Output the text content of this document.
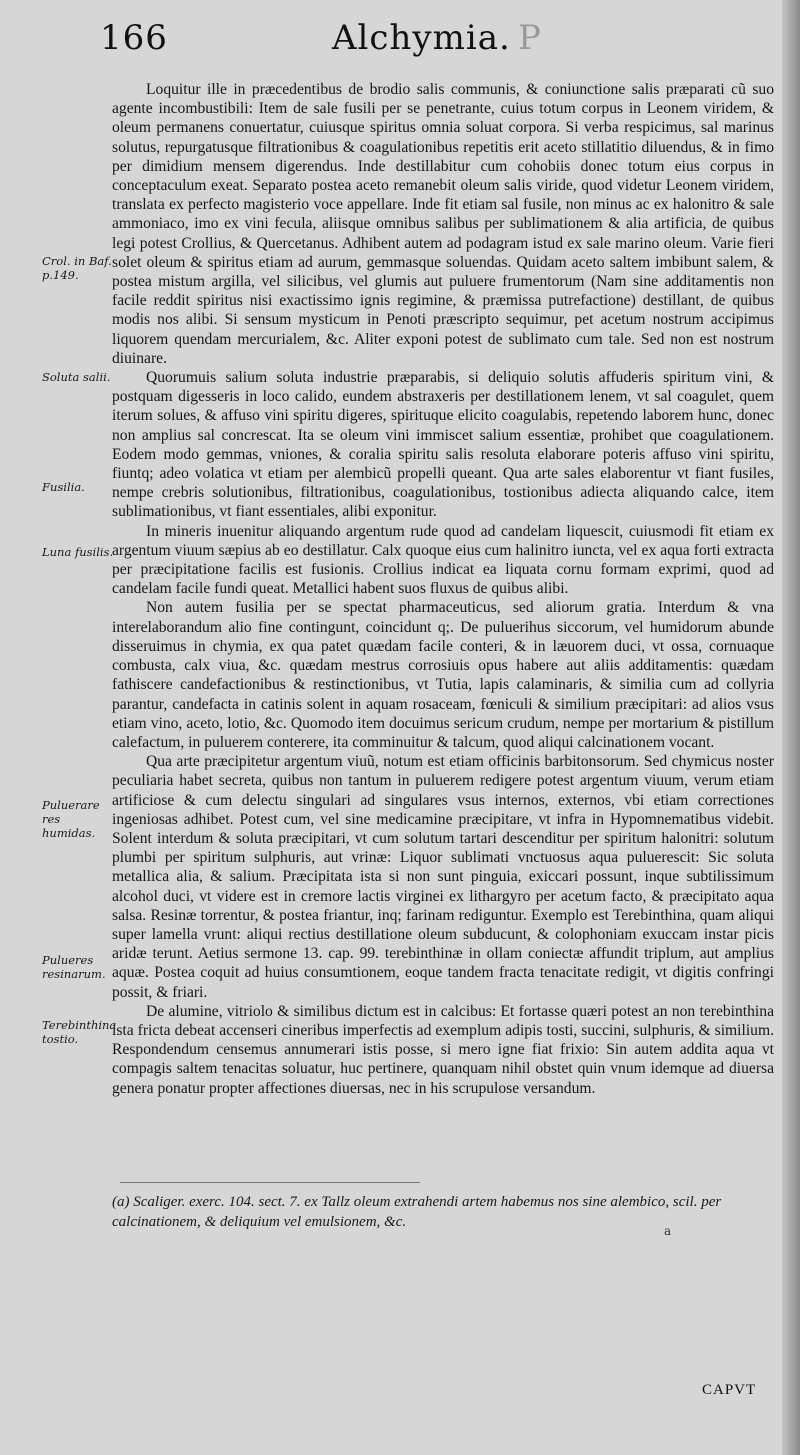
166	Alchymia. P
Crol. in Baf. p.149.
Soluta salii.
Fusilia.
Luna fusilis.
Puluerare res humidas.
Pulueres resinarum.
Terebinthina tostio.

Loquitur ille in præcedentibus de brodio salis communis, & coniunctione salis præparati cũ suo agente incombustibili: Item de sale fusili per se penetrante, cuius totum corpus in Leonem viridem, & oleum permanens conuertatur, cuiusque spiritus omnia soluat corpora. Si verba respicimus, sal marinus solutus, repurgatusque filtrationibus & coagulationibus repetitis erit aceto stillatitio diluendus, & in fimo per dimidium mensem digerendus. Inde destillabitur cum cohobiis donec totum eius corpus in conceptaculum exeat. Separato postea aceto remanebit oleum salis viride, quod videtur Leonem viridem, translata ex perfecto magisterio voce appellare. Inde fit etiam sal fusile, non minus ac ex halonitro & sale ammoniaco, imo ex vini fecula, aliisque omnibus salibus per sublimationem & alia artificia, de quibus legi potest Crollius, & Quercetanus. Adhibent autem ad podagram istud ex sale marino oleum. Varie fieri solet oleum & spiritus etiam ad aurum, gemmasque soluendas. Quidam aceto saltem imbibunt salem, & postea mistum argilla, vel silicibus, vel glumis aut puluere frumentorum (Nam sine additamentis non facile reddit spiritus nisi exactissimo ignis regimine, & præmissa putrefactione) destillant, de quibus modis nos alibi. Si sensum mysticum in Penoti præscripto sequimur, pet acetum nostrum accipimus liquorem quendam mercurialem, &c. Aliter exponi potest de sublimato cum tale. Sed non est nostrum diuinare.

Quorumuis salium soluta industrie præparabis, si deliquio solutis affuderis spiritum vini, & postquam digesseris in loco calido, eundem abstraxeris per destillationem lenem, vt sal coagulet, quem iterum solues, & affuso vini spiritu digeres, spirituque elicito coagulabis, repetendo laborem hunc, donec non amplius sal concrescat. Ita se oleum vini immiscet salium essentiæ, prohibet que coagulationem. Eodem modo gemmas, vniones, & coralia spiritu salis resoluta elaborare poteris affuso vini spiritu, fiuntq; adeo volatica vt etiam per alembicũ propelli queant. Qua arte sales elaborentur vt fiant fusiles, nempe crebris solutionibus, filtrationibus, coagulationibus, tostionibus adiecta aliquando calce, item sublimationibus, vt fiant essentiales, alibi exponitur.

In mineris inuenitur aliquando argentum rude quod ad candelam liquescit, cuiusmodi fit etiam ex argentum viuum sæpius ab eo destillatur. Calx quoque eius cum halinitro iuncta, vel ex aqua forti extracta per præcipitatione facilis est fusionis. Crollius indicat ea liquata cornu formam exprimi, quod ad candelam facile fundi queat. Metallici habent suos fluxus de quibus alibi.

Non autem fusilia per se spectat pharmaceuticus, sed aliorum gratia. Interdum & vna interelaborandum alio fine contingunt, coincidunt q;. De puluerihus siccorum, vel humidorum abunde disseruimus in chymia, ex qua patet quædam facile conteri, & in læuorem duci, vt ossa, cornuaque combusta, calx viua, &c. quædam mestrus corrosiuis opus habere aut aliis additamentis: quædam fathiscere candefactionibus & restinctionibus, vt Tutia, lapis calaminaris, & similia cum ad collyria parantur, candefacta in catinis solent in aquam rosaceam, fœniculi & similium præcipitari: ad alios vsus etiam vino, aceto, lotio, &c. Quomodo item docuimus sericum crudum, nempe per mortarium & pistillum calefactum, in puluerem conterere, ita comminuitur & talcum, quod aliqui calcinationem vocant.

Qua arte præcipitetur argentum viuũ, notum est etiam officinis barbitonsorum. Sed chymicus noster peculiaria habet secreta, quibus non tantum in puluerem redigere potest argentum viuum, verum etiam artificiose & cum delectu singulari ad singulares vsus internos, externos, vbi etiam correctiones ingeniosas adhibet. Potest cum, vel sine medicamine præcipitare, vt infra in Hypomnematibus videbit. Solent interdum & soluta præcipitari, vt cum solutum tartari descenditur per spiritum halonitri: solutum plumbi per spiritum sulphuris, aut vrinæ: Liquor sublimati vnctuosus aqua puluerescit: Sic soluta metallica alia, & salium. Præcipitata ista si non sunt pinguia, exiccari possunt, inque subtilissimum alcohol duci, vt videre est in cremore lactis virginei ex lithargyro per acetum facto, & præcipitato aqua salsa. Resinæ torrentur, & postea friantur, inq; farinam rediguntur. Exemplo est Terebinthina, quam aliqui super lamella vrunt: aliqui rectius destillatione oleum subducunt, & colophoniam exuccam instar picis aridæ terunt. Aetius sermone 13. cap. 99. terebinthinæ in ollam coniectæ affundit triplum, aut amplius aquæ. Postea coquit ad huius consumtionem, eoque tandem fracta tenacitate redigit, vt digitis confringi possit, & friari.

De alumine, vitriolo & similibus dictum est in calcibus: Et fortasse quæri potest an non terebinthina ista fricta debeat accenseri cineribus imperfectis ad exemplum adipis tosti, succini, sulphuris, & similium. Respondendum censemus annumerari istis posse, si mero igne fiat frixio: Sin autem addita aqua vt compagis saltem tenacitas soluatur, huc pertinere, quanquam nihil obstet quin vnum idemque ad diuersa genera ponatur propter affectiones diuersas, nec in his scrupulose versandum.

(a) Scaliger. exerc. 104. sect. 7. ex Tallz oleum extrahendi artem habemus nos sine alembico, scil. per calcinationem, & deliquium vel emulsionem, &c.
a
CAPVT
